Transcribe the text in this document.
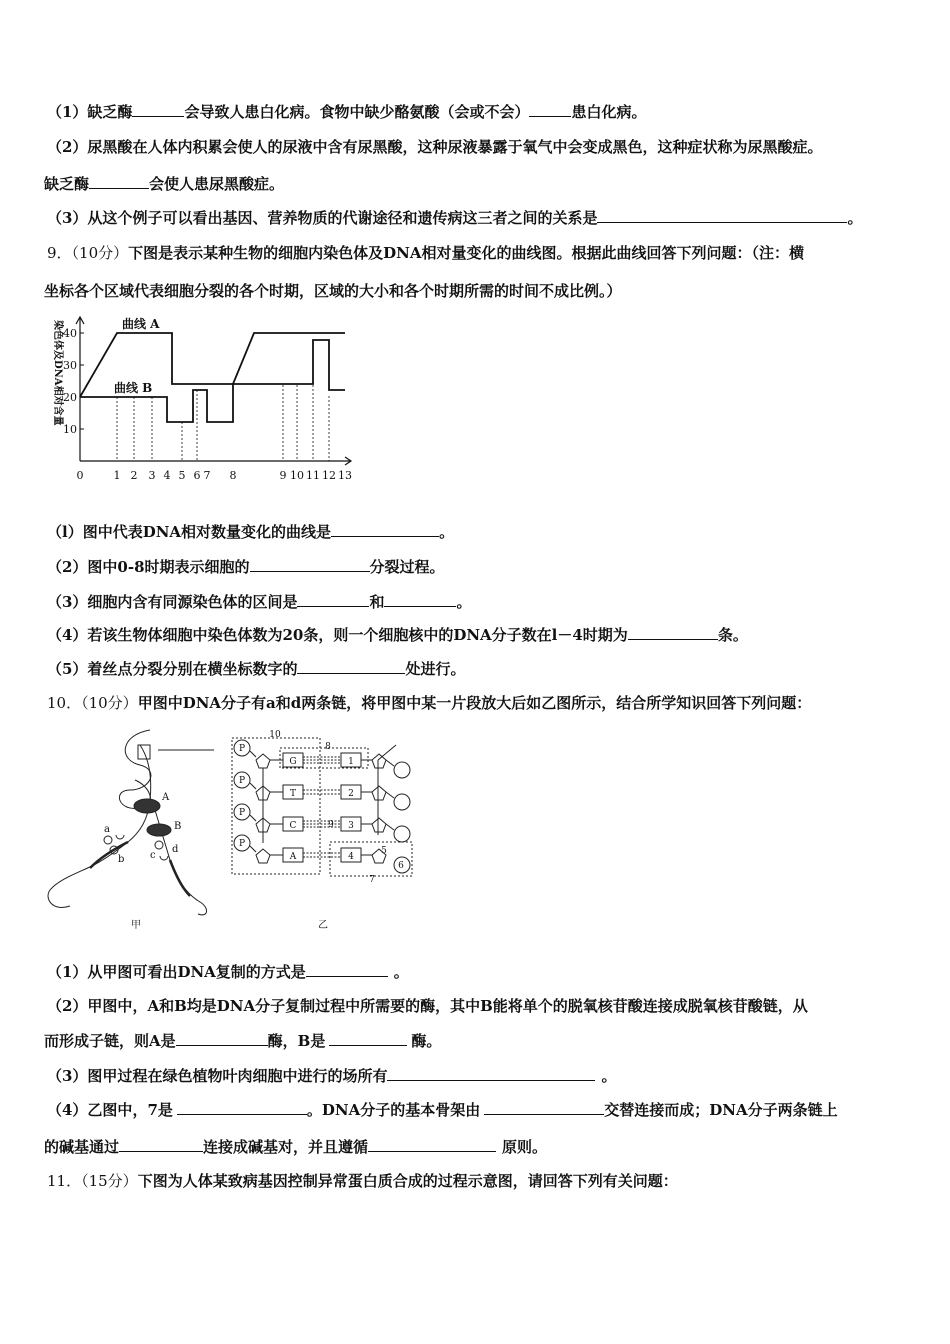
（1）缺乏酶	会导致人患白化病。食物中缺少酪氨酸（会或不会）	患白化病。
（2）尿黑酸在人体内积累会使人的尿液中含有尿黑酸，这种尿液暴露于氧气中会变成黑色，这种症状称为尿黑酸症。
缺乏酶	会使人患尿黑酸症。
（3）从这个例子可以看出基因、营养物质的代谢途径和遗传病这三者之间的关系是	。
9．（10分）下图是表示某种生物的细胞内染色体及DNA相对量变化的曲线图。根据此曲线回答下列问题：（注：横
坐标各个区域代表细胞分裂的各个时期，区域的大小和各个时期所需的时间不成比例。）
40
30
20
10
染色体及DNA相对含量
0	1 2 3 4 5 6 7 8	9 10 11 12 13
曲线 A
曲线 B
（l）图中代表DNA相对数量变化的曲线是	。
（2）图中0-8时期表示细胞的	分裂过程。
（3）细胞内含有同源染色体的区间是	和	。
（4）若该生物体细胞中染色体数为20条，则一个细胞核中的DNA分子数在l－4时期为	条。
（5）着丝点分裂分别在横坐标数字的	处进行。
10．（10分）甲图中DNA分子有a和d两条链，将甲图中某一片段放大后如乙图所示，结合所学知识回答下列问题：
A
B
a
b	c
d
甲	乙
P
P
P
P
G
T
C
A
1
2
3
4
5
6
7
8
9
10
（1）从甲图可看出DNA复制的方式是	。
（2）甲图中，A和B均是DNA分子复制过程中所需要的酶，其中B能将单个的脱氧核苷酸连接成脱氧核苷酸链，从
而形成子链，则A是	酶，B是	酶。
（3）图甲过程在绿色植物叶肉细胞中进行的场所有	。
（4）乙图中，7是	。DNA分子的基本骨架由	交替连接而成；DNA分子两条链上
的碱基通过	连接成碱基对，并且遵循	原则。
11．（15分）下图为人体某致病基因控制异常蛋白质合成的过程示意图，请回答下列有关问题：
